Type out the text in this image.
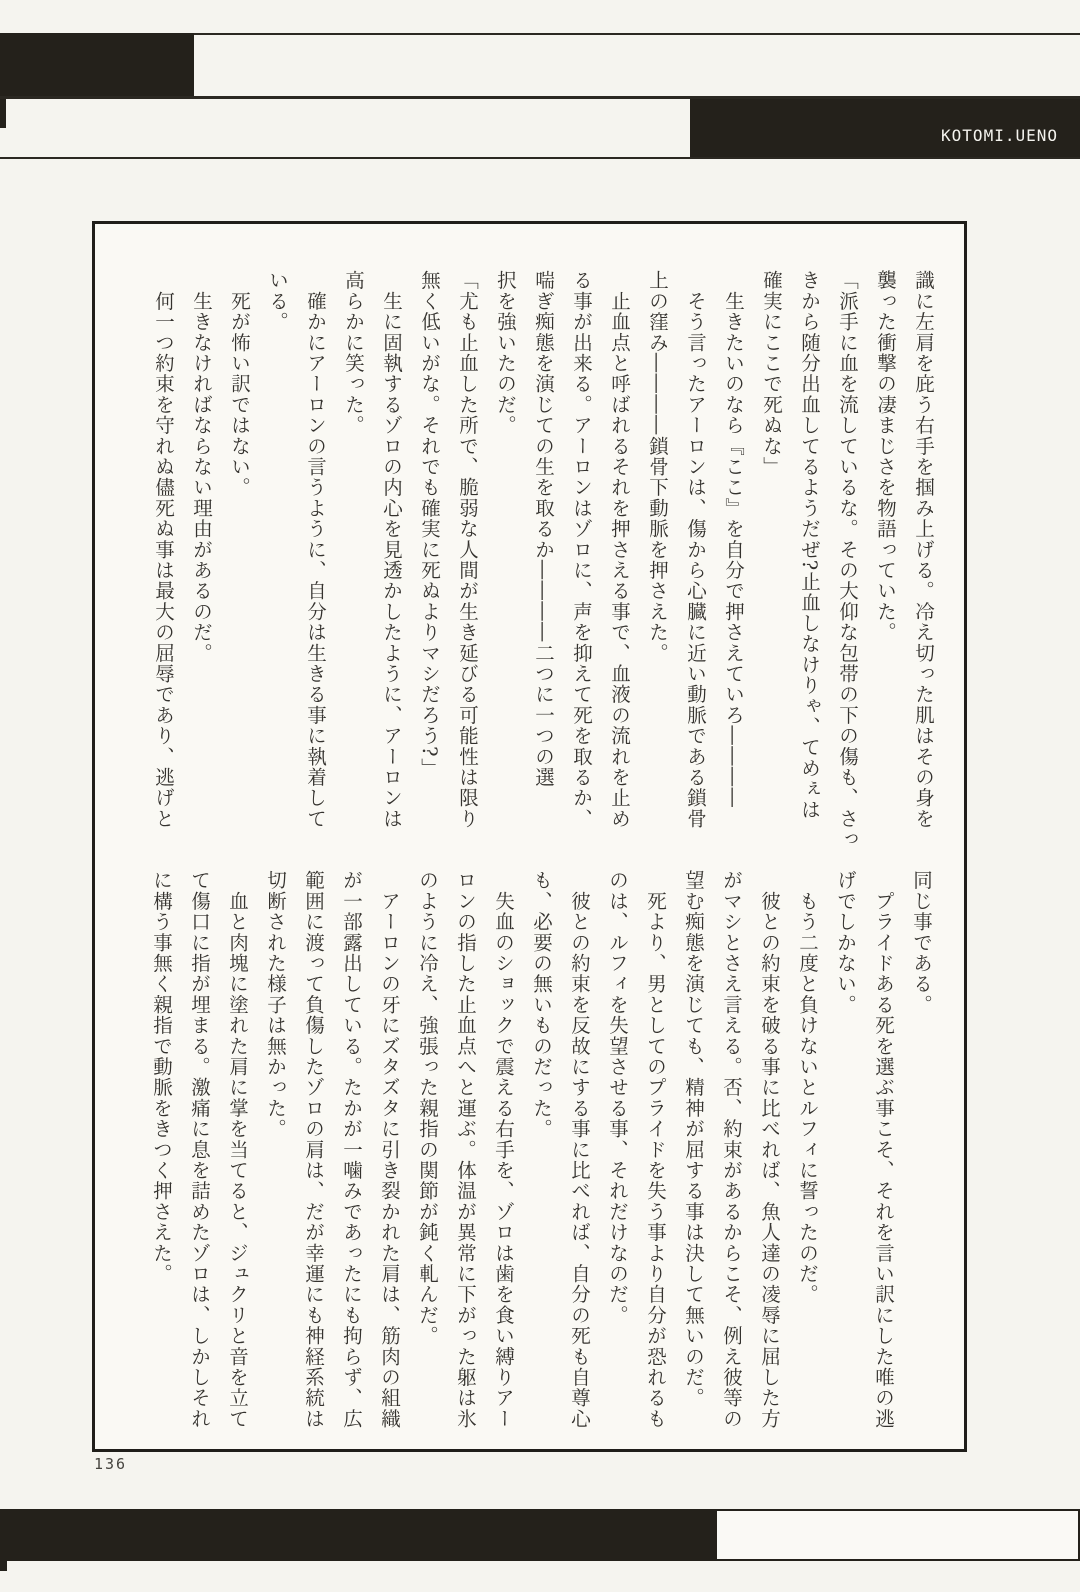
KOTOMI.UENO
識に左肩を庇う右手を掴み上げる。冷え切った肌はその身を
襲った衝撃の凄まじさを物語っていた。
「派手に血を流しているな。その大仰な包帯の下の傷も、さっ
きから随分出血してるようだぜ?止血しなけりゃ、てめぇは
確実にここで死ぬな」
　生きたいのなら『ここ』を自分で押さえていろ――――
　そう言ったアーロンは、傷から心臓に近い動脈である鎖骨
上の窪み――――鎖骨下動脈を押さえた。
　止血点と呼ばれるそれを押さえる事で、血液の流れを止め
る事が出来る。アーロンはゾロに、声を抑えて死を取るか、
喘ぎ痴態を演じての生を取るか――――二つに一つの選
択を強いたのだ。
「尤も止血した所で、脆弱な人間が生き延びる可能性は限り
無く低いがな。それでも確実に死ぬよりマシだろう?」
　生に固執するゾロの内心を見透かしたように、アーロンは
高らかに笑った。
　確かにアーロンの言うように、自分は生きる事に執着して
いる。
　死が怖い訳ではない。
　生きなければならない理由があるのだ。
　何一つ約束を守れぬ儘死ぬ事は最大の屈辱であり、逃げと
同じ事である。
　プライドある死を選ぶ事こそ、それを言い訳にした唯の逃
げでしかない。
　もう二度と負けないとルフィに誓ったのだ。
　彼との約束を破る事に比べれば、魚人達の凌辱に屈した方
がマシとさえ言える。否、約束があるからこそ、例え彼等の
望む痴態を演じても、精神が屈する事は決して無いのだ。
　死より、男としてのプライドを失う事より自分が恐れるも
のは、ルフィを失望させる事、それだけなのだ。
　彼との約束を反故にする事に比べれば、自分の死も自尊心
も、必要の無いものだった。
　失血のショックで震える右手を、ゾロは歯を食い縛りアー
ロンの指した止血点へと運ぶ。体温が異常に下がった躯は氷
のように冷え、強張った親指の関節が鈍く軋んだ。
　アーロンの牙にズタズタに引き裂かれた肩は、筋肉の組織
が一部露出している。たかが一噛みであったにも拘らず、広
範囲に渡って負傷したゾロの肩は、だが幸運にも神経系統は
切断された様子は無かった。
　血と肉塊に塗れた肩に掌を当てると、ジュクリと音を立て
て傷口に指が埋まる。激痛に息を詰めたゾロは、しかしそれ
に構う事無く親指で動脈をきつく押さえた。
136
